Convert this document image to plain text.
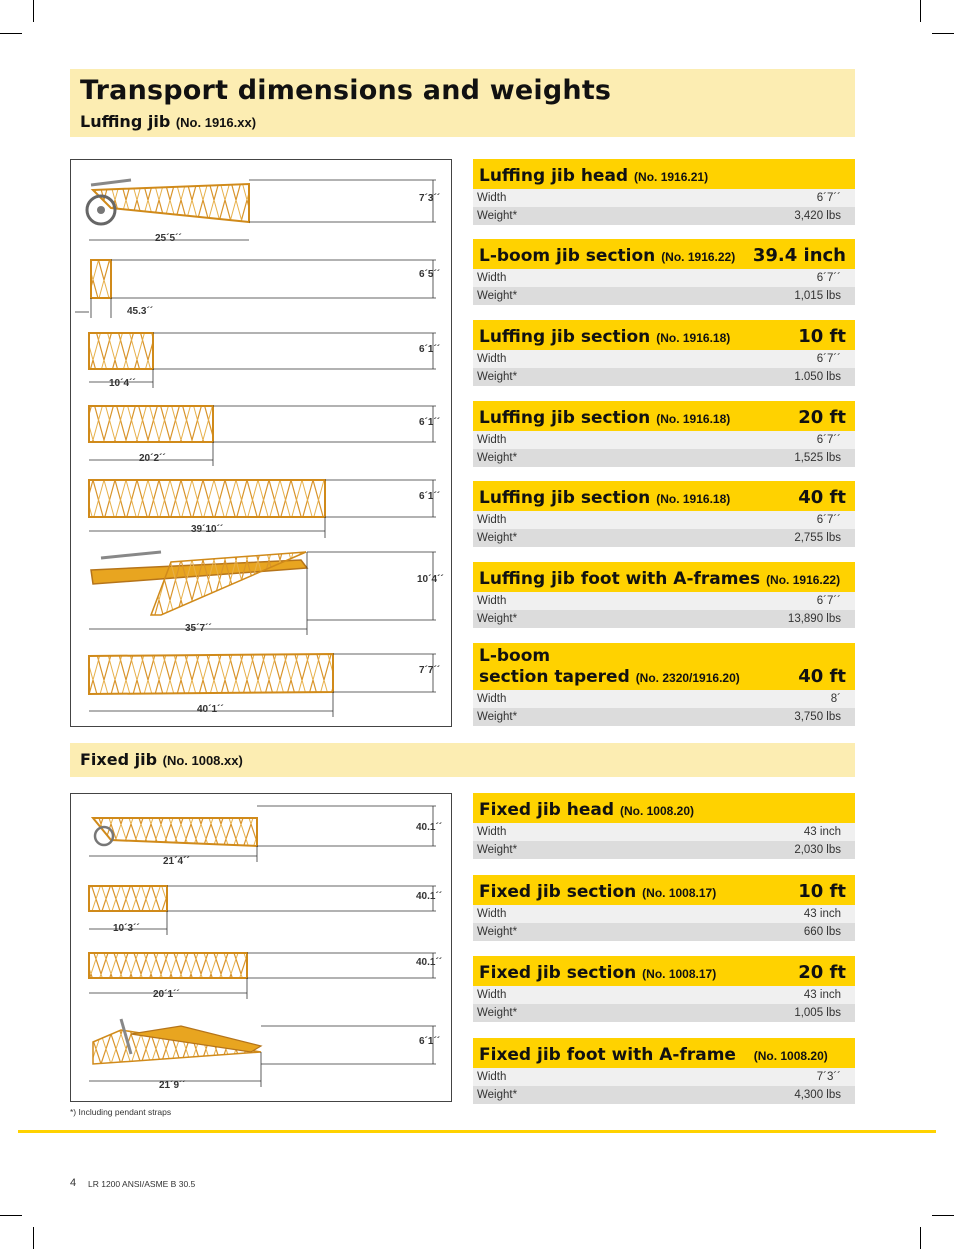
Transport dimensions and weights
Luffing jib (No. 1916.xx)
7´3´´
25´5´´
6´5´´
45.3´´
6´1´´
10´4´´
6´1´´
20´2´´
6´1´´
39´10´´
10´4´´
35´7´´
7´7´´
40´1´´
Fixed jib (No. 1008.xx)
40.1´´
21´4´´
40.1´´
10´3´´
40.1´´
20´1´´
6´1´´
21´9´´
Luffing jib head (No. 1916.21)
Width	6´7´´
Weight*	3,420 lbs
L-boom jib section (No. 1916.22) 39.4 inch
Width	6´7´´
Weight*	1,015 lbs
Luffing jib section (No. 1916.18)	10 ft
Width	6´7´´
Weight*	1.050 lbs
Luffing jib section (No. 1916.18)	20 ft
Width	6´7´´
Weight*	1,525 lbs
Luffing jib section (No. 1916.18)	40 ft
Width	6´7´´
Weight*	2,755 lbs
Luffing jib foot with A-frames (No. 1916.22)
Width	6´7´´
Weight*	13,890 lbs
L-boom
section tapered (No. 2320/1916.20)	40 ft
Width	8´
Weight*	3,750 lbs
Fixed jib head (No. 1008.20)
Width	43 inch
Weight*	2,030 lbs
Fixed jib section (No. 1008.17)	10 ft
Width	43 inch
Weight*	660 lbs
Fixed jib section (No. 1008.17)	20 ft
Width	43 inch
Weight*	1,005 lbs
Fixed jib foot with A-frame (No. 1008.20)
Width	7´3´´
Weight*	4,300 lbs
*) Including pendant straps
4 LR 1200 ANSI/ASME B 30.5
